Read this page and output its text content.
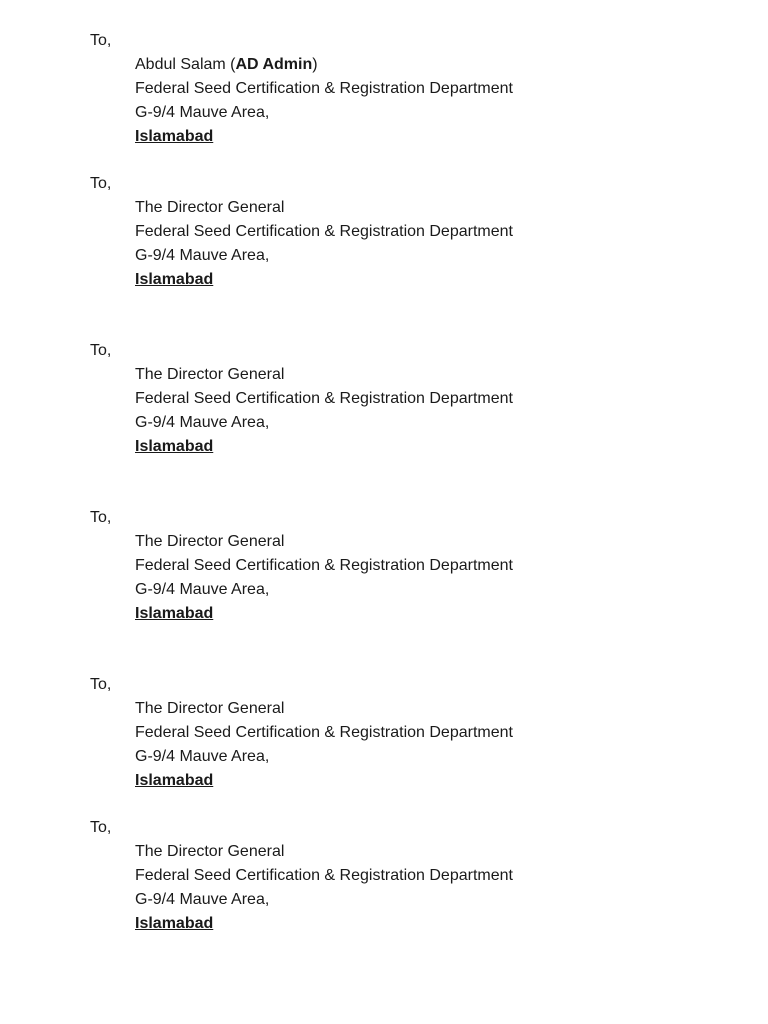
To,
Abdul Salam (AD Admin)
Federal Seed Certification & Registration Department
G-9/4 Mauve Area,
Islamabad
To,
The Director General
Federal Seed Certification & Registration Department
G-9/4 Mauve Area,
Islamabad
To,
The Director General
Federal Seed Certification & Registration Department
G-9/4 Mauve Area,
Islamabad
To,
The Director General
Federal Seed Certification & Registration Department
G-9/4 Mauve Area,
Islamabad
To,
The Director General
Federal Seed Certification & Registration Department
G-9/4 Mauve Area,
Islamabad
To,
The Director General
Federal Seed Certification & Registration Department
G-9/4 Mauve Area,
Islamabad
